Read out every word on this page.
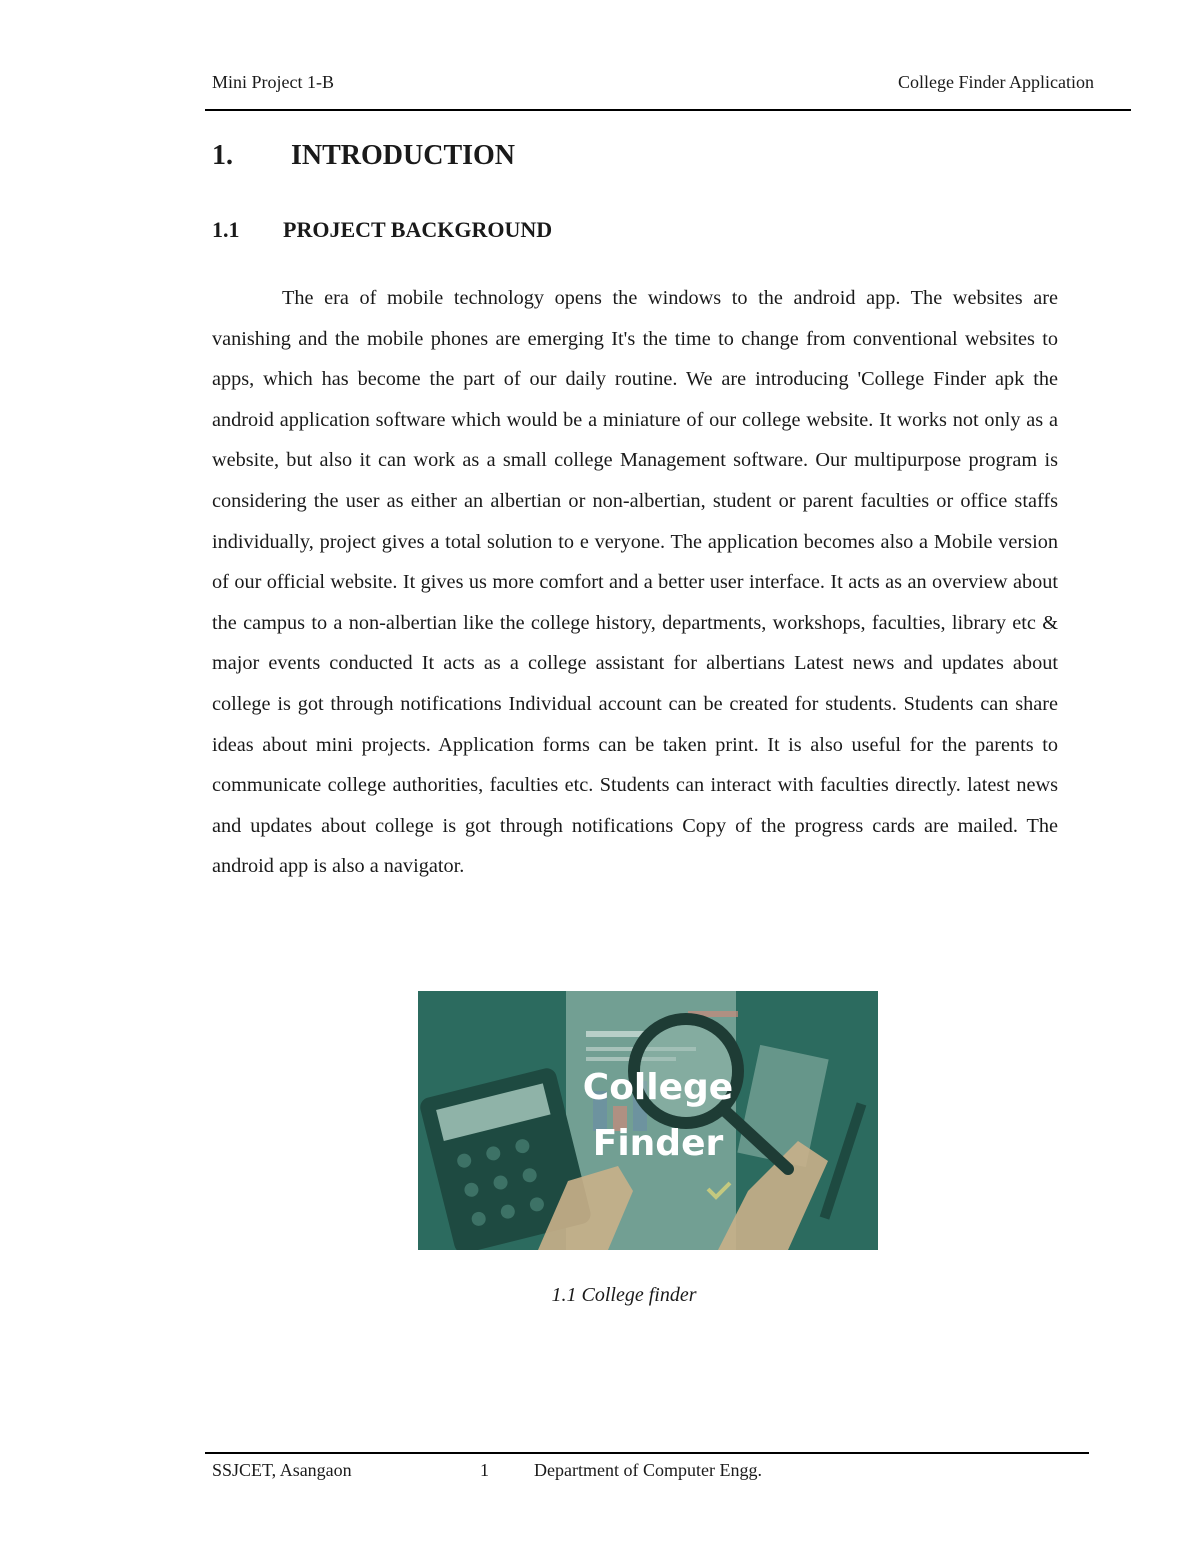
Mini Project 1-B	College Finder Application
1. INTRODUCTION
1.1 PROJECT BACKGROUND

The era of mobile technology opens the windows to the android app. The websites are vanishing and the mobile phones are emerging It's the time to change from conventional websites to apps, which has become the part of our daily routine. We are introducing 'College Finder apk the android application software which would be a miniature of our college website. It works not only as a website, but also it can work as a small college Management software. Our multipurpose program is considering the user as either an albertian or non-albertian, student or parent faculties or office staffs individually, project gives a total solution to e veryone. The application becomes also a Mobile version of our official website. It gives us more comfort and a better user interface. It acts as an overview about the campus to a non-albertian like the college history, departments, workshops, faculties, library etc & major events conducted It acts as a college assistant for albertians Latest news and updates about college is got through notifications Individual account can be created for students. Students can share ideas about mini projects. Application forms can be taken print. It is also useful for the parents to communicate college authorities, faculties etc. Students can interact with faculties directly. latest news and updates about college is got through notifications Copy of the progress cards are mailed. The android app is also a navigator.

College
Finder
1.1 College finder
SSJCET, Asangaon	1	Department of Computer Engg.
